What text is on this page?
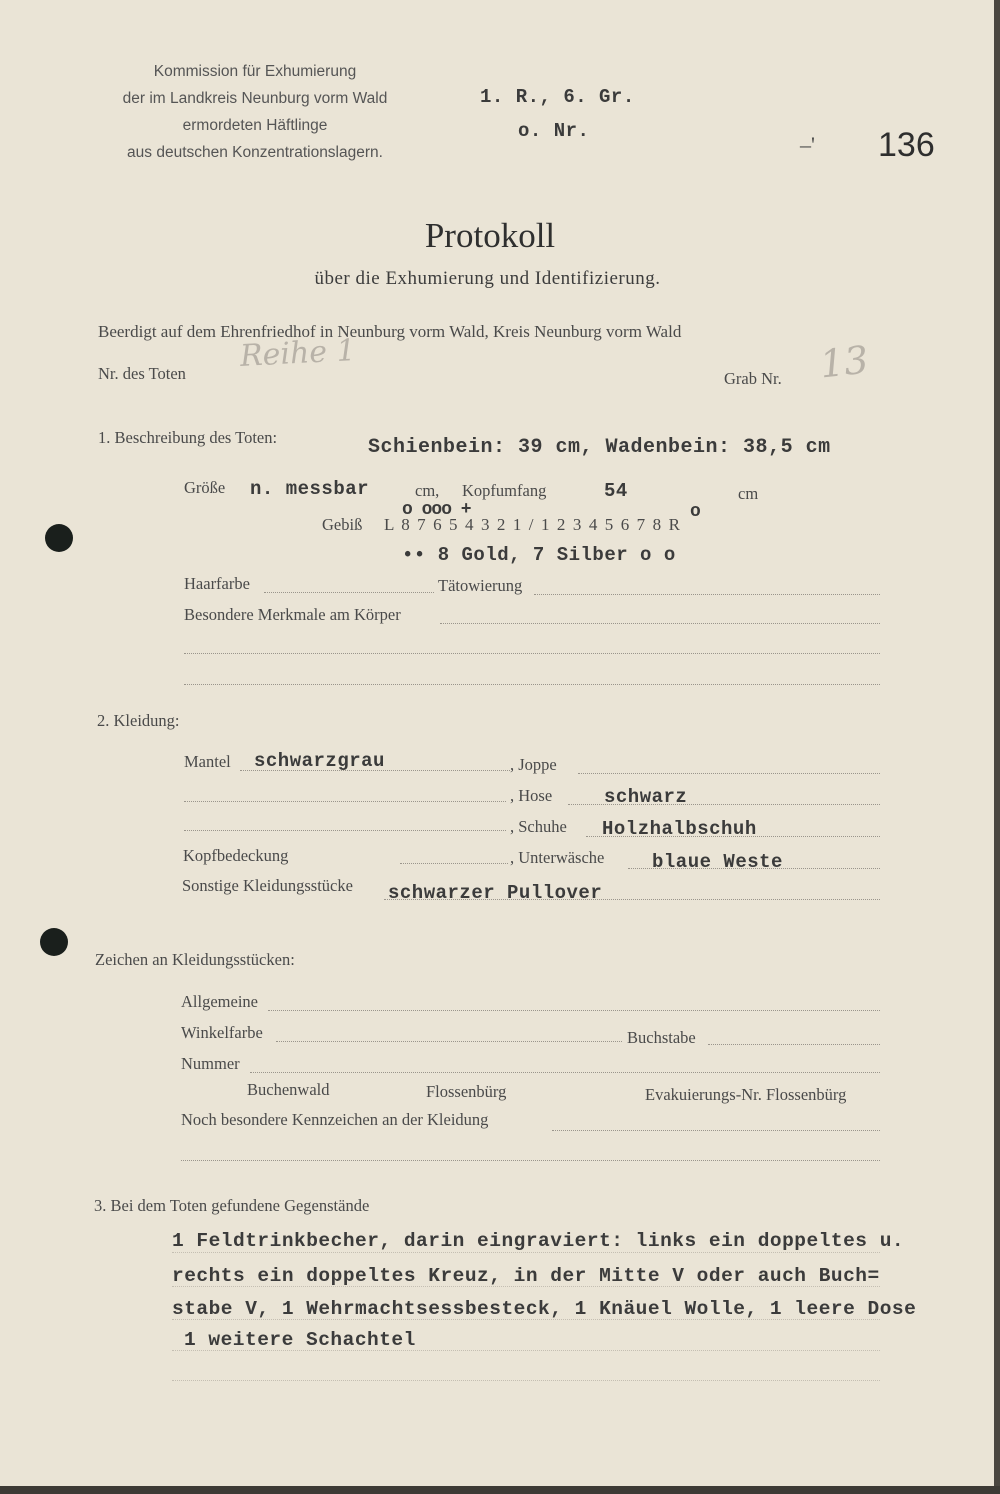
Kommission für Exhumierung
der im Landkreis Neunburg vorm Wald
ermordeten Häftlinge
aus deutschen Konzentrationslagern.
1. R., 6. Gr.
o. Nr.
–' 136
Protokoll
über die Exhumierung und Identifizierung.
Beerdigt auf dem Ehrenfriedhof in Neunburg vorm Wald, Kreis Neunburg vorm Wald
Nr. des Toten Reihe 1
Grab Nr. 13
1. Beschreibung des Toten:	Schienbein: 39 cm, Wadenbein: 38,5 cm
Größe n. messbar	cm, Kopfumfang	54	cm
o ooo +	o
Gebiß L 8 7 6 5 4 3 2 1 / 1 2 3 4 5 6 7 8 R
•• 8 Gold, 7 Silber o o
Haarfarbe	Tätowierung
Besondere Merkmale am Körper
2. Kleidung:
Mantel schwarzgrau	, Joppe
, Hose	schwarz
, Schuhe Holzhalbschuh
Kopfbedeckung	, Unterwäsche	blaue Weste
Sonstige Kleidungsstücke schwarzer Pullover
Zeichen an Kleidungsstücken:
Allgemeine
Winkelfarbe	Buchstabe
Nummer
Buchenwald	Flossenbürg	Evakuierungs-Nr. Flossenbürg
Noch besondere Kennzeichen an der Kleidung
3. Bei dem Toten gefundene Gegenstände
1 Feldtrinkbecher, darin eingraviert: links ein doppeltes u.
rechts ein doppeltes Kreuz, in der Mitte V oder auch Buch=
stabe V, 1 Wehrmachtsessbesteck, 1 Knäuel Wolle, 1 leere Dose
1 weitere Schachtel
